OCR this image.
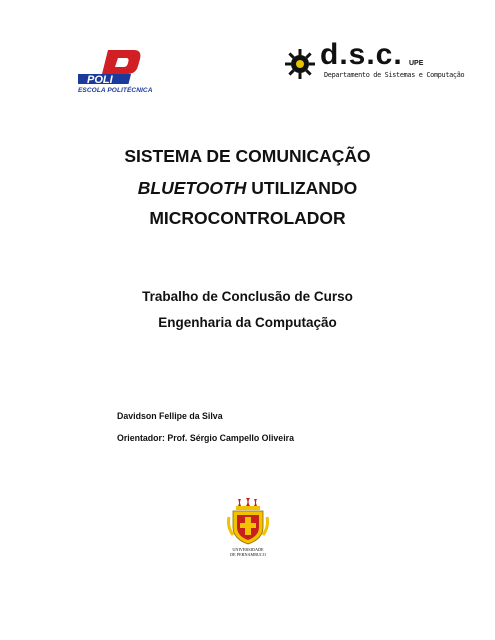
POLI
ESCOLA POLITÉCNICA
d.s.c. UPE
Departamento de Sistemas e Computação
SISTEMA DE COMUNICAÇÃO
BLUETOOTH UTILIZANDO
MICROCONTROLADOR
Trabalho de Conclusão de Curso
Engenharia da Computação
Davidson Fellipe da Silva
Orientador: Prof. Sérgio Campello Oliveira
UNIVERSIDADE
DE PERNAMBUCO
